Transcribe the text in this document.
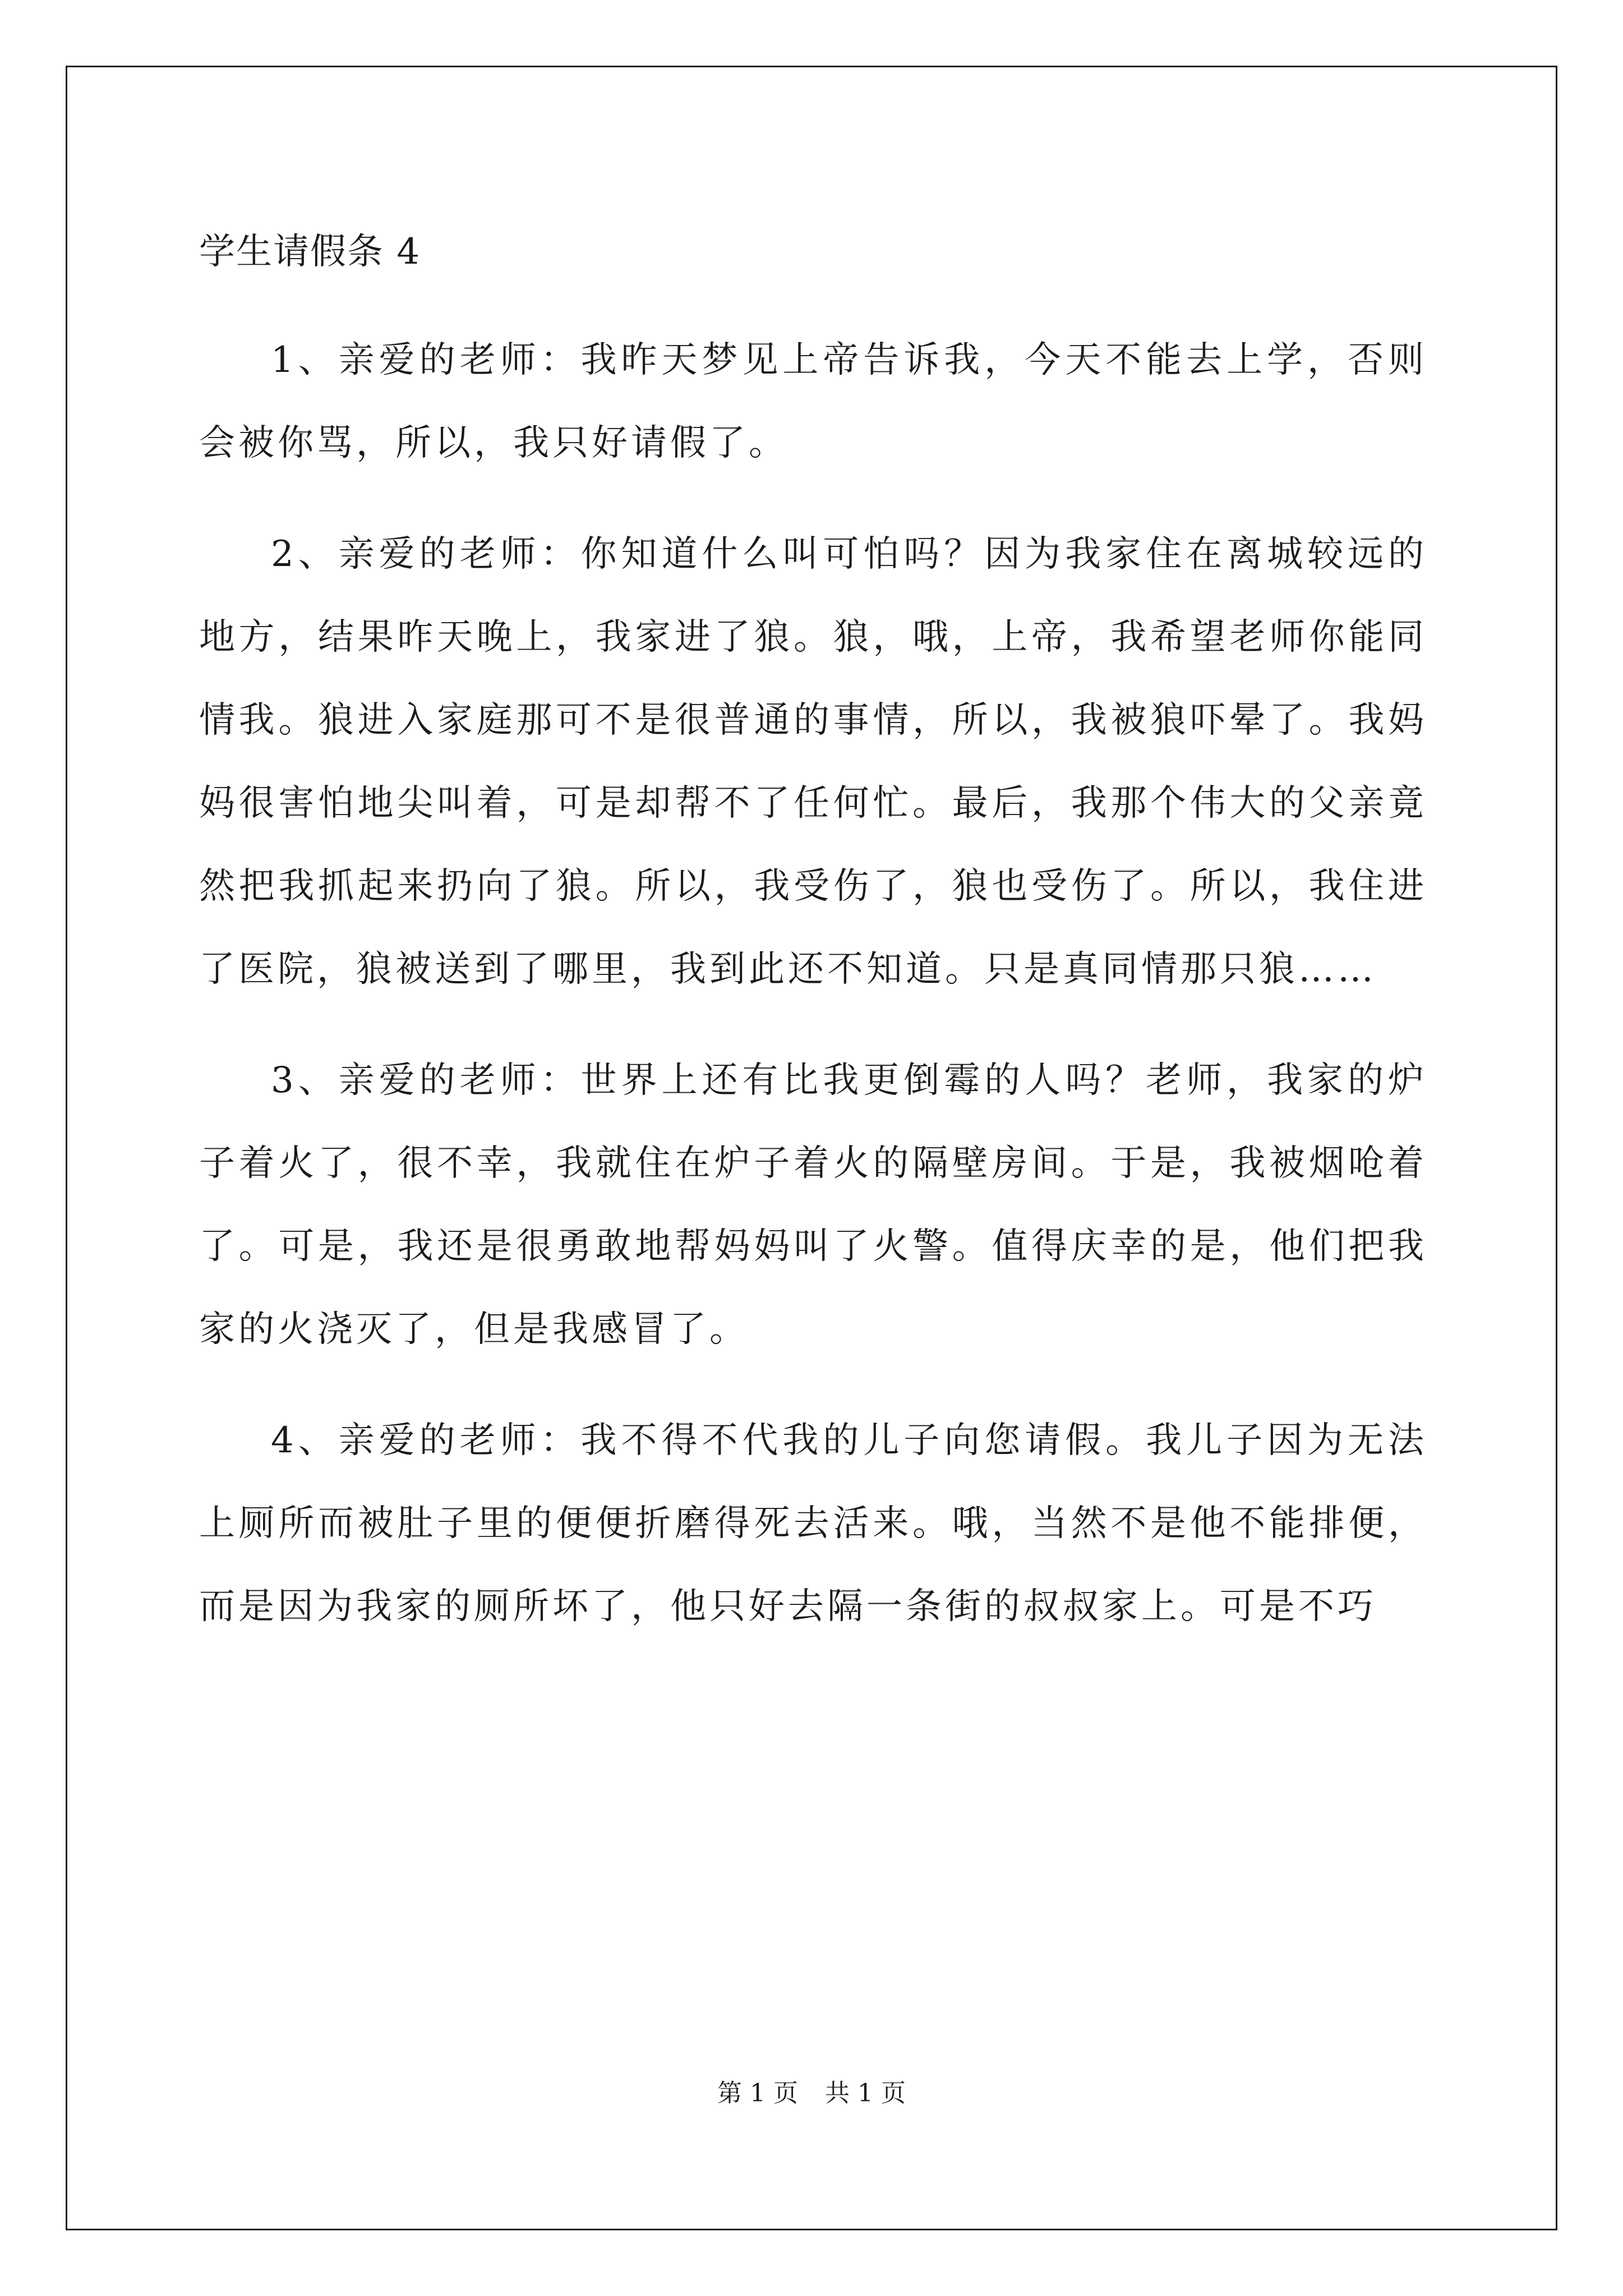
学生请假条 4

1、亲爱的老师：我昨天梦见上帝告诉我，今天不能去上学，否则会被你骂，所以，我只好请假了。

2、亲爱的老师：你知道什么叫可怕吗？因为我家住在离城较远的地方，结果昨天晚上，我家进了狼。狼，哦，上帝，我希望老师你能同情我。狼进入家庭那可不是很普通的事情，所以，我被狼吓晕了。我妈妈很害怕地尖叫着，可是却帮不了任何忙。最后，我那个伟大的父亲竟然把我抓起来扔向了狼。所以，我受伤了，狼也受伤了。所以，我住进了医院，狼被送到了哪里，我到此还不知道。只是真同情那只狼……

3、亲爱的老师：世界上还有比我更倒霉的人吗？老师，我家的炉子着火了，很不幸，我就住在炉子着火的隔壁房间。于是，我被烟呛着了。可是，我还是很勇敢地帮妈妈叫了火警。值得庆幸的是，他们把我家的火浇灭了，但是我感冒了。

4、亲爱的老师：我不得不代我的儿子向您请假。我儿子因为无法上厕所而被肚子里的便便折磨得死去活来。哦，当然不是他不能排便，而是因为我家的厕所坏了，他只好去隔一条街的叔叔家上。可是不巧

第 1 页 共 1 页
